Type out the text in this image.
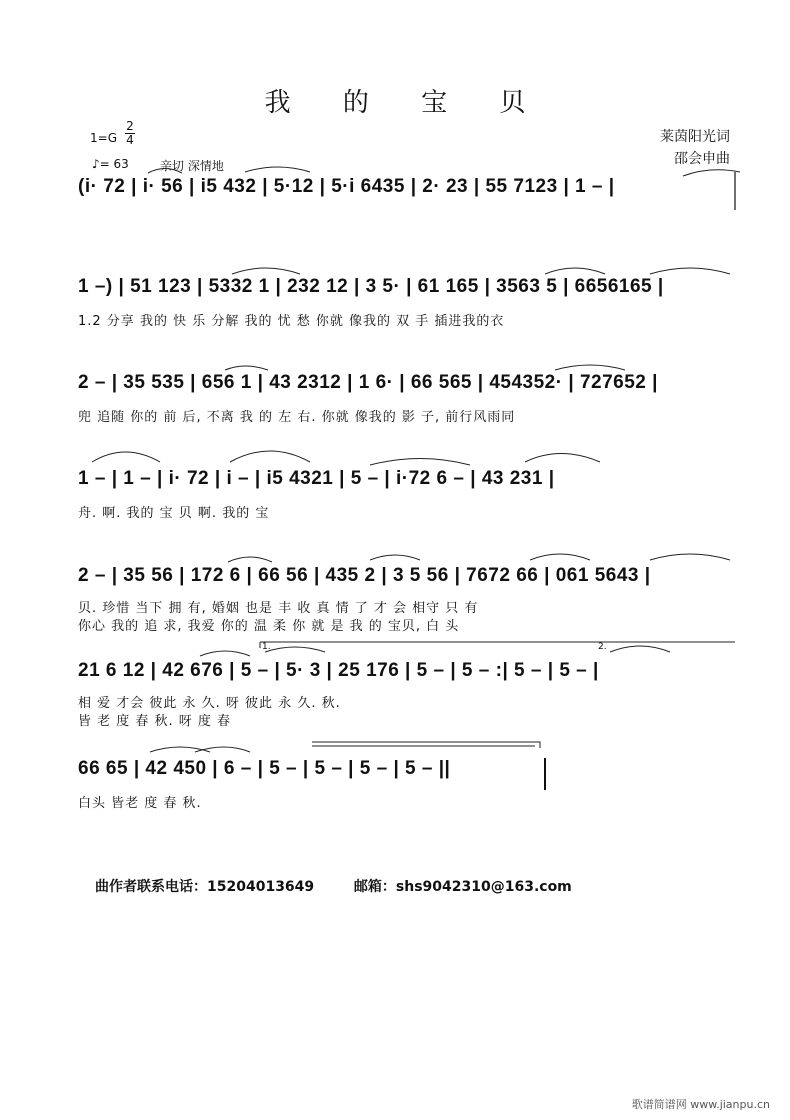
我 的 宝 贝
莱茵阳光词
邵会申曲
1=G
2
4
♪= 63	亲切 深情地
(i· 72 | i· 56 | i5 432 | 5·12 | 5·i 6435 | 2· 23 | 55 7123 | 1 – |
1 –) | 51 123 | 5332 1 | 232 12 | 3 5· | 61 165 | 3563 5 | 6656165 |
1.2 分享 我的 快 乐 分解 我的 忧 愁 你就 像我的 双 手 插进我的衣
2 – | 35 535 | 656 1 | 43 2312 | 1 6· | 66 565 | 454352· | 727652 |
兜 追随 你的 前 后, 不离 我 的 左 右. 你就 像我的 影 子, 前行风雨同
1 – | 1 – | i· 72 | i – | i5 4321 | 5 – | i·72 6 – | 43 231 |
舟. 啊. 我的 宝 贝 啊. 我的 宝
2 – | 35 56 | 172 6 | 66 56 | 435 2 | 3 5 56 | 7672 66 | 061 5643 |
贝. 珍惜 当下 拥 有, 婚姻 也是 丰 收 真 情 了 才 会 相守 只 有
你心 我的 追 求, 我爱 你的 温 柔 你 就 是 我 的 宝贝, 白 头
21 6 12 | 42 676 | 5 – | 5· 3 | 25 176 | 5 – | 5 – :| 5 – | 5 – |
相 爱 才会 彼此 永 久. 呀 彼此 永 久. 秋.
皆 老 度 春 秋. 呀 度 春
1.	2.
66 65 | 42 450 | 6 – | 5 – | 5 – | 5 – | 5 – ||
白头 皆老 度 春 秋.
曲作者联系电话：15204013649	邮箱：shs9042310@163.com
歌谱简谱网 www.jianpu.cn
